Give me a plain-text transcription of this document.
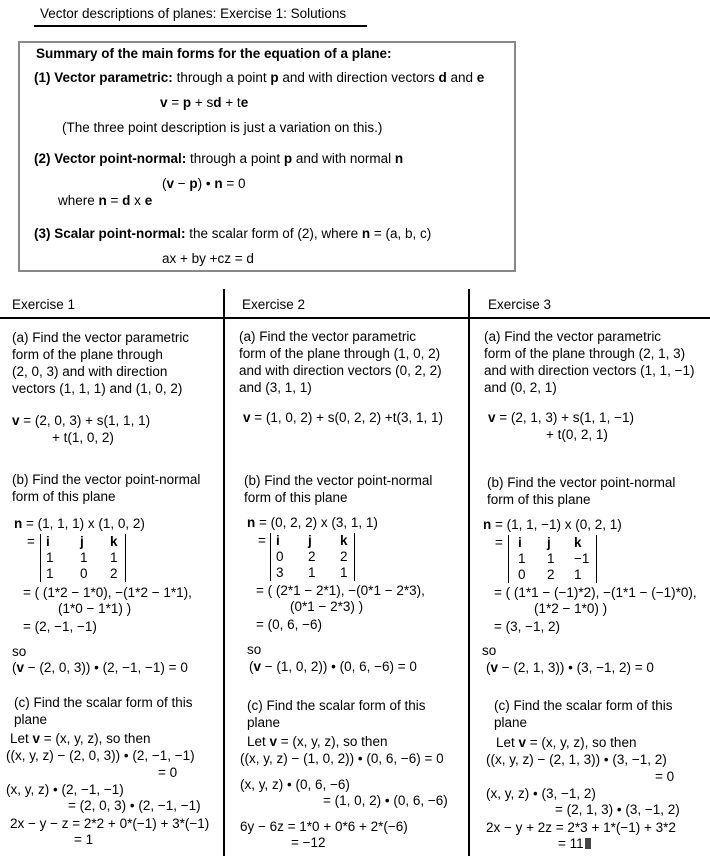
Vector descriptions of planes: Exercise 1: Solutions
Summary of the main forms for the equation of a plane:
(1) Vector parametric: through a point p and with direction vectors d and e
v = p + sd + te
(The three point description is just a variation on this.)
(2) Vector point-normal: through a point p and with normal n
(v − p) • n = 0
where n = d x e
(3) Scalar point-normal: the scalar form of (2), where n = (a, b, c)
ax + by +cz = d
Exercise 1	Exercise 2	Exercise 3
(a) Find the vector parametric
form of the plane through
(2, 0, 3) and with direction
vectors (1, 1, 1) and (1, 0, 2)
v = (2, 0, 3) + s(1, 1, 1)
+ t(1, 0, 2)
(b) Find the vector point-normal
form of this plane
n = (1, 1, 1) x (1, 0, 2)
= i j k
1 1 1
1 0 2
= ( (1*2 − 1*0), −(1*2 − 1*1),
(1*0 − 1*1) )
= (2, −1, −1)
so
(v − (2, 0, 3)) • (2, −1, −1) = 0
(c) Find the scalar form of this
plane
Let v = (x, y, z), so then
((x, y, z) − (2, 0, 3)) • (2, −1, −1)
= 0
(x, y, z) • (2, −1, −1)
= (2, 0, 3) • (2, −1, −1)
2x − y − z = 2*2 + 0*(−1) + 3*(−1)
= 1
(a) Find the vector parametric
form of the plane through (1, 0, 2)
and with direction vectors (0, 2, 2)
and (3, 1, 1)
v = (1, 0, 2) + s(0, 2, 2) +t(3, 1, 1)
(b) Find the vector point-normal
form of this plane
n = (0, 2, 2) x (3, 1, 1)
= i j k
0 2 2
3 1 1
= ( (2*1 − 2*1), −(0*1 − 2*3),
(0*1 − 2*3) )
= (0, 6, −6)
so
(v − (1, 0, 2)) • (0, 6, −6) = 0
(c) Find the scalar form of this
plane
Let v = (x, y, z), so then
((x, y, z) − (1, 0, 2)) • (0, 6, −6) = 0
(x, y, z) • (0, 6, −6)
= (1, 0, 2) • (0, 6, −6)
6y − 6z = 1*0 + 0*6 + 2*(−6)
= −12
(a) Find the vector parametric
form of the plane through (2, 1, 3)
and with direction vectors (1, 1, −1)
and (0, 2, 1)
v = (2, 1, 3) + s(1, 1, −1)
+ t(0, 2, 1)
(b) Find the vector point-normal
form of this plane
n = (1, 1, −1) x (0, 2, 1)
= i j k
1 1 −1
0 2 1
= ( (1*1 − (−1)*2), −(1*1 − (−1)*0),
(1*2 − 1*0) )
= (3, −1, 2)
so
(v − (2, 1, 3)) • (3, −1, 2) = 0
(c) Find the scalar form of this
plane
Let v = (x, y, z), so then
((x, y, z) − (2, 1, 3)) • (3, −1, 2)
= 0
(x, y, z) • (3, −1, 2)
= (2, 1, 3) • (3, −1, 2)
2x − y + 2z = 2*3 + 1*(−1) + 3*2
= 11
